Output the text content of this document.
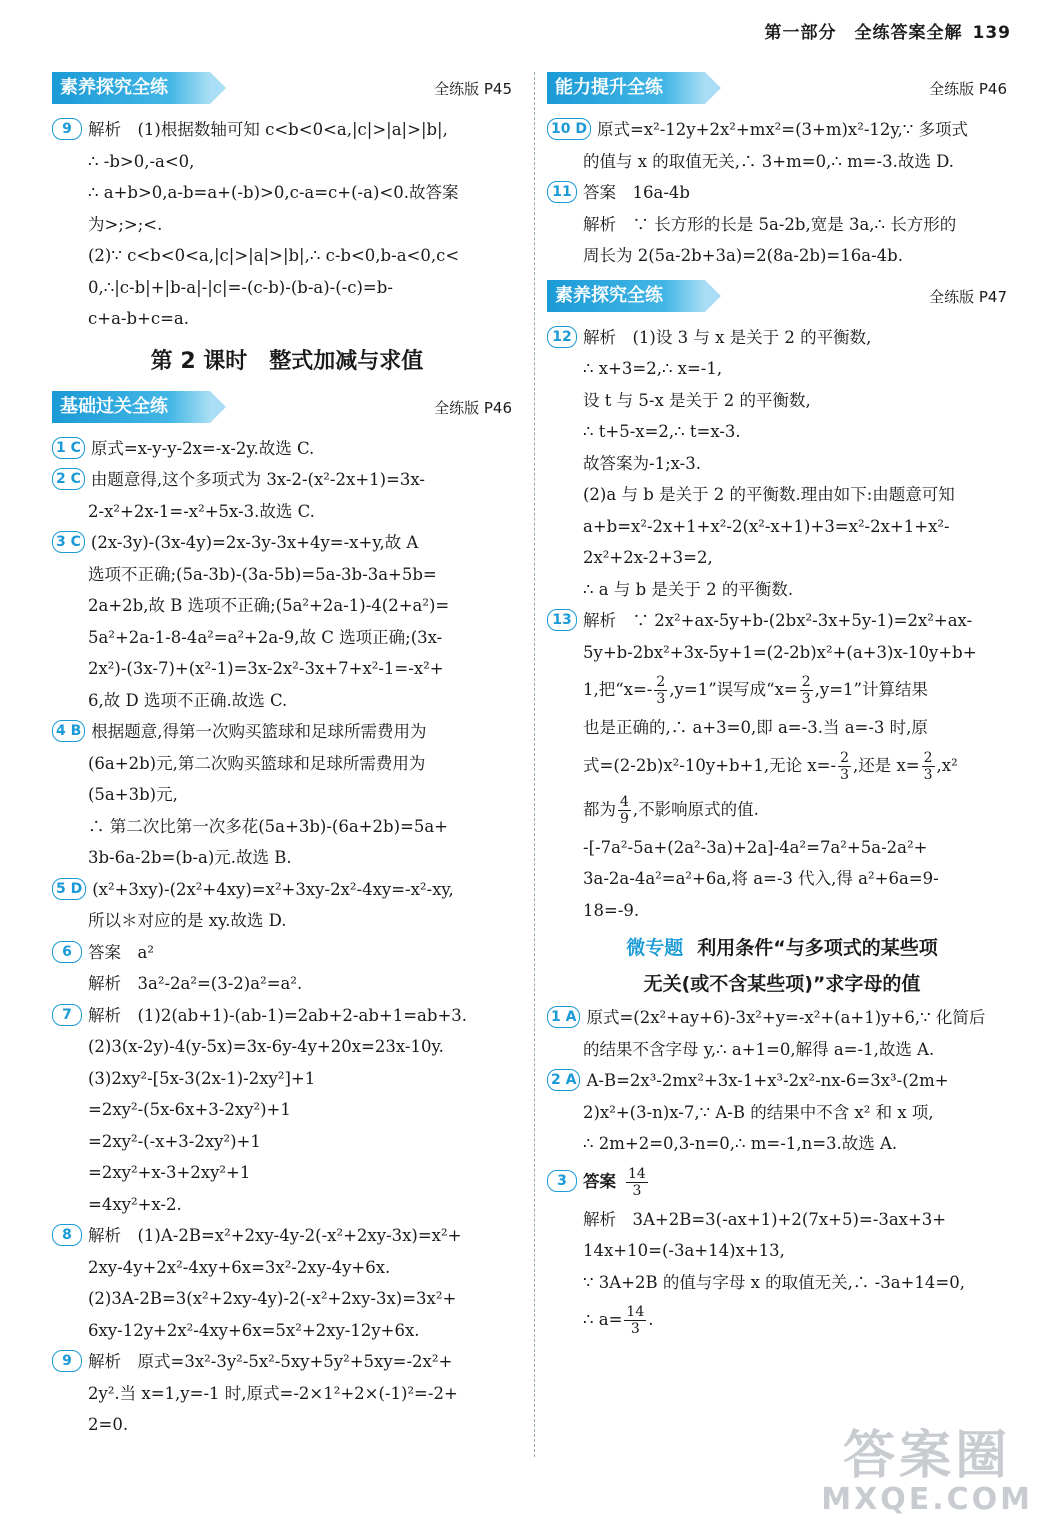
第一部分　全练答案全解 139
素养探究全练	全练版 P45
9 解析　(1)根据数轴可知 c<b<0<a,|c|>|a|>|b|,
∴ -b>0,-a<0,
∴ a+b>0,a-b=a+(-b)>0,c-a=c+(-a)<0.故答案
为>;>;<.
(2)∵ c<b<0<a,|c|>|a|>|b|,∴ c-b<0,b-a<0,c<
0,∴|c-b|+|b-a|-|c|=-(c-b)-(b-a)-(-c)=b-
c+a-b+c=a.
第 2 课时　整式加减与求值
基础过关全练	全练版 P46
1 C 原式=x-y-y-2x=-x-2y.故选 C.
2 C 由题意得,这个多项式为 3x-2-(x²-2x+1)=3x-
2-x²+2x-1=-x²+5x-3.故选 C.
3 C (2x-3y)-(3x-4y)=2x-3y-3x+4y=-x+y,故 A
选项不正确;(5a-3b)-(3a-5b)=5a-3b-3a+5b=
2a+2b,故 B 选项不正确;(5a²+2a-1)-4(2+a²)=
5a²+2a-1-8-4a²=a²+2a-9,故 C 选项正确;(3x-
2x²)-(3x-7)+(x²-1)=3x-2x²-3x+7+x²-1=-x²+
6,故 D 选项不正确.故选 C.
4 B 根据题意,得第一次购买篮球和足球所需费用为
(6a+2b)元,第二次购买篮球和足球所需费用为
(5a+3b)元,
∴ 第二次比第一次多花(5a+3b)-(6a+2b)=5a+
3b-6a-2b=(b-a)元.故选 B.
5 D (x²+3xy)-(2x²+4xy)=x²+3xy-2x²-4xy=-x²-xy,
所以＊对应的是 xy.故选 D.
6 答案　a²
解析　3a²-2a²=(3-2)a²=a².
7 解析　(1)2(ab+1)-(ab-1)=2ab+2-ab+1=ab+3.
(2)3(x-2y)-4(y-5x)=3x-6y-4y+20x=23x-10y.
(3)2xy²-[5x-3(2x-1)-2xy²]+1
=2xy²-(5x-6x+3-2xy²)+1
=2xy²-(-x+3-2xy²)+1
=2xy²+x-3+2xy²+1
=4xy²+x-2.
8 解析　(1)A-2B=x²+2xy-4y-2(-x²+2xy-3x)=x²+
2xy-4y+2x²-4xy+6x=3x²-2xy-4y+6x.
(2)3A-2B=3(x²+2xy-4y)-2(-x²+2xy-3x)=3x²+
6xy-12y+2x²-4xy+6x=5x²+2xy-12y+6x.
9 解析　原式=3x²-3y²-5x²-5xy+5y²+5xy=-2x²+
2y².当 x=1,y=-1 时,原式=-2×1²+2×(-1)²=-2+
2=0.
能力提升全练	全练版 P46
10 D 原式=x²-12y+2x²+mx²=(3+m)x²-12y,∵ 多项式
的值与 x 的取值无关,∴ 3+m=0,∴ m=-3.故选 D.
11 答案　16a-4b
解析　∵ 长方形的长是 5a-2b,宽是 3a,∴ 长方形的
周长为 2(5a-2b+3a)=2(8a-2b)=16a-4b.
素养探究全练	全练版 P47
12 解析　(1)设 3 与 x 是关于 2 的平衡数,
∴ x+3=2,∴ x=-1,
设 t 与 5-x 是关于 2 的平衡数,
∴ t+5-x=2,∴ t=x-3.
故答案为-1;x-3.
(2)a 与 b 是关于 2 的平衡数.理由如下:由题意可知
a+b=x²-2x+1+x²-2(x²-x+1)+3=x²-2x+1+x²-
2x²+2x-2+3=2,
∴ a 与 b 是关于 2 的平衡数.
13 解析　∵ 2x²+ax-5y+b-(2bx²-3x+5y-1)=2x²+ax-
5y+b-2bx²+3x-5y+1=(2-2b)x²+(a+3)x-10y+b+
1,把“$x=- \frac{2}{3} ,y=1$”误写成“$x= \frac{2}{3} ,y=1$”计算结果
也是正确的,∴ a+3=0,即 a=-3.当 a=-3 时,原
式=(2-2b)x²-10y+b+1,无论 $x=- \frac{2}{3}$ ,还是 $x= \frac{2}{3} ,x^2$
都为 $\frac{4}{9}$ ,不影响原式的值.
-[-7a²-5a+(2a²-3a)+2a]-4a²=7a²+5a-2a²+
3a-2a-4a²=a²+6a,将 a=-3 代入,得 a²+6a=9-
18=-9.
微专题 利用条件“与多项式的某些项
无关(或不含某些项)”求字母的值
1 A 原式=(2x²+ay+6)-3x²+y=-x²+(a+1)y+6,∵ 化简后
的结果不含字母 y,∴ a+1=0,解得 a=-1,故选 A.
2 A A-B=2x³-2mx²+3x-1+x³-2x²-nx-6=3x³-(2m+
2)x²+(3-n)x-7,∵ A-B 的结果中不含 x² 和 x 项,
∴ 2m+2=0,3-n=0,∴ m=-1,n=3.故选 A.
3 答案 $\frac{14}{3}$
解析　3A+2B=3(-ax+1)+2(7x+5)=-3ax+3+
14x+10=(-3a+14)x+13,
∵ 3A+2B 的值与字母 x 的取值无关,∴ -3a+14=0,
∴ $a= \frac{14}{3}$ .
答案圈
MXQE.COM
